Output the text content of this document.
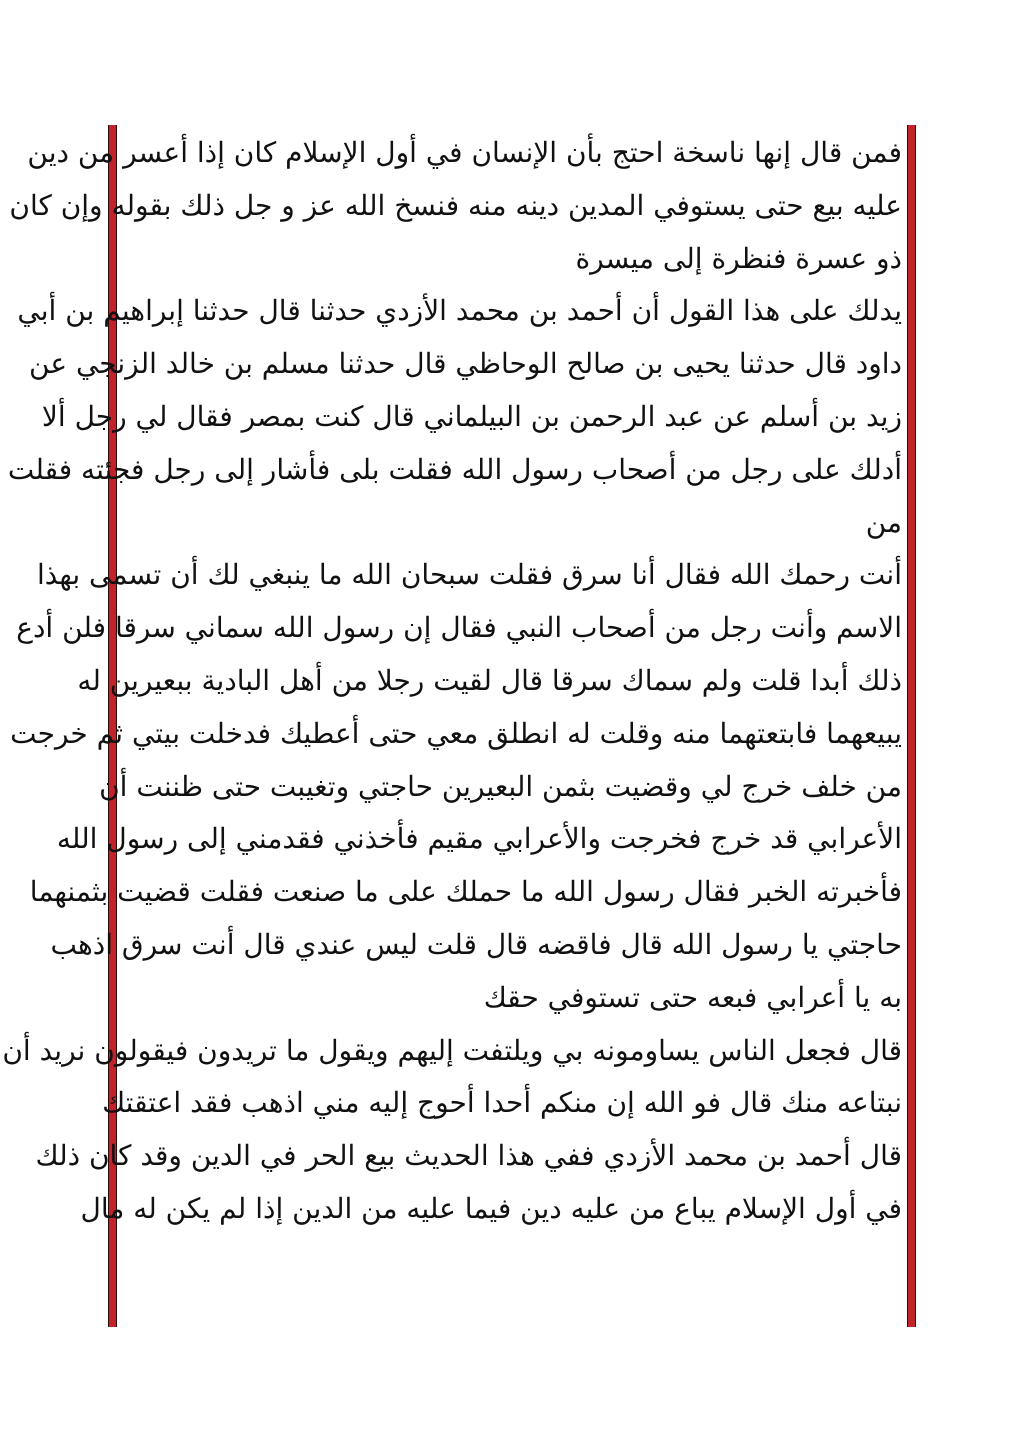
فمن قال إنها ناسخة احتج بأن الإنسان في أول الإسلام كان إذا أعسر من دين
عليه بيع حتى يستوفي المدين دينه منه فنسخ الله عز و جل ذلك بقوله وإن كان
ذو عسرة فنظرة إلى ميسرة
يدلك على هذا القول أن أحمد بن محمد الأزدي حدثنا قال حدثنا إبراهيم بن أبي
داود قال حدثنا يحيى بن صالح الوحاظي قال حدثنا مسلم بن خالد الزنجي عن
زيد بن أسلم عن عبد الرحمن بن البيلماني قال كنت بمصر فقال لي رجل ألا
أدلك على رجل من أصحاب رسول الله فقلت بلى فأشار إلى رجل فجئته فقلت
من
أنت رحمك الله فقال أنا سرق فقلت سبحان الله ما ينبغي لك أن تسمى بهذا
الاسم وأنت رجل من أصحاب النبي فقال إن رسول الله سماني سرقا فلن أدع
ذلك أبدا قلت ولم سماك سرقا قال لقيت رجلا من أهل البادية ببعيرين له
يبيعهما فابتعتهما منه وقلت له انطلق معي حتى أعطيك فدخلت بيتي ثم خرجت
من خلف خرج لي وقضيت بثمن البعيرين حاجتي وتغيبت حتى ظننت أن
الأعرابي قد خرج فخرجت والأعرابي مقيم فأخذني فقدمني إلى رسول الله
فأخبرته الخبر فقال رسول الله ما حملك على ما صنعت فقلت قضيت بثمنهما
حاجتي يا رسول الله قال فاقضه قال قلت ليس عندي قال أنت سرق اذهب
به يا أعرابي فبعه حتى تستوفي حقك
قال فجعل الناس يساومونه بي ويلتفت إليهم ويقول ما تريدون فيقولون نريد أن
نبتاعه منك قال فو الله إن منكم أحدا أحوج إليه مني اذهب فقد اعتقتك
قال أحمد بن محمد الأزدي ففي هذا الحديث بيع الحر في الدين وقد كان ذلك
في أول الإسلام يباع من عليه دين فيما عليه من الدين إذا لم يكن له مال
